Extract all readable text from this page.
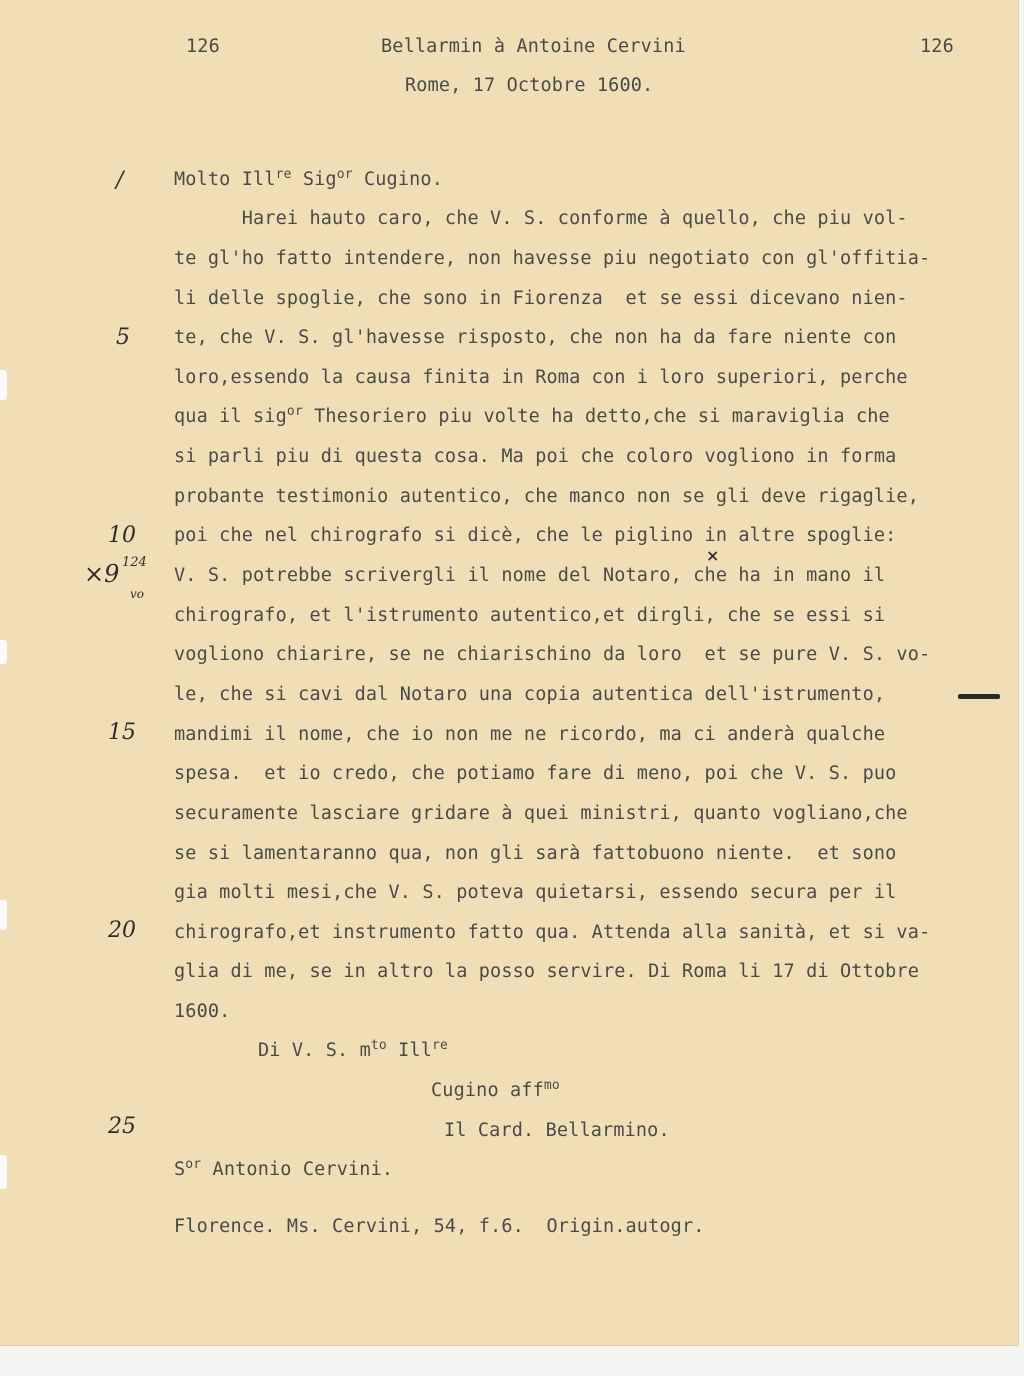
126	Bellarmin à Antoine Cervini	126
Rome, 17 Octobre 1600.
Molto Ill$^{re}$ Sig$^{or}$ Cugino.
Harei hauto caro, che V. S. conforme à quello, che piu vol-
te gl'ho fatto intendere, non havesse piu negotiato con gl'offitia-
li delle spoglie, che sono in Fiorenza  et se essi dicevano nien-
te, che V. S. gl'havesse risposto, che non ha da fare niente con
loro,essendo la causa finita in Roma con i loro superiori, perche
qua il sig$^{or}$ Thesoriero piu volte ha detto,che si maraviglia che
si parli piu di questa cosa. Ma poi che coloro vogliono in forma
probante testimonio autentico, che manco non se gli deve rigaglie,
poi che nel chirografo si dicè, che le piglino in altre spoglie:
V. S. potrebbe scrivergli il nome del Notaro, che ha in mano il
chirografo, et l'istrumento autentico,et dirgli, che se essi si
vogliono chiarire, se ne chiarischino da loro  et se pure V. S. vo-
le, che si cavi dal Notaro una copia autentica dell'istrumento,
mandimi il nome, che io non me ne ricordo, ma ci anderà qualche
spesa.  et io credo, che potiamo fare di meno, poi che V. S. puo
securamente lasciare gridare à quei ministri, quanto vogliano,che
se si lamentaranno qua, non gli sarà fattobuono niente.  et sono
gia molti mesi,che V. S. poteva quietarsi, essendo secura per il
chirografo,et instrumento fatto qua. Attenda alla sanità, et si va-
glia di me, se in altro la posso servire. Di Roma li 17 di Ottobre
1600.
Di V. S. $m^{to}$ Ill$^{re}$
Cugino aff$^{mo}$
Il Card. Bellarmino.
$S^{or}$ Antonio Cervini.
Florence. Ms. Cervini, 54, f.6.  Origin.autogr.
/
5
10
×9 124
vo
15
20
25
×
